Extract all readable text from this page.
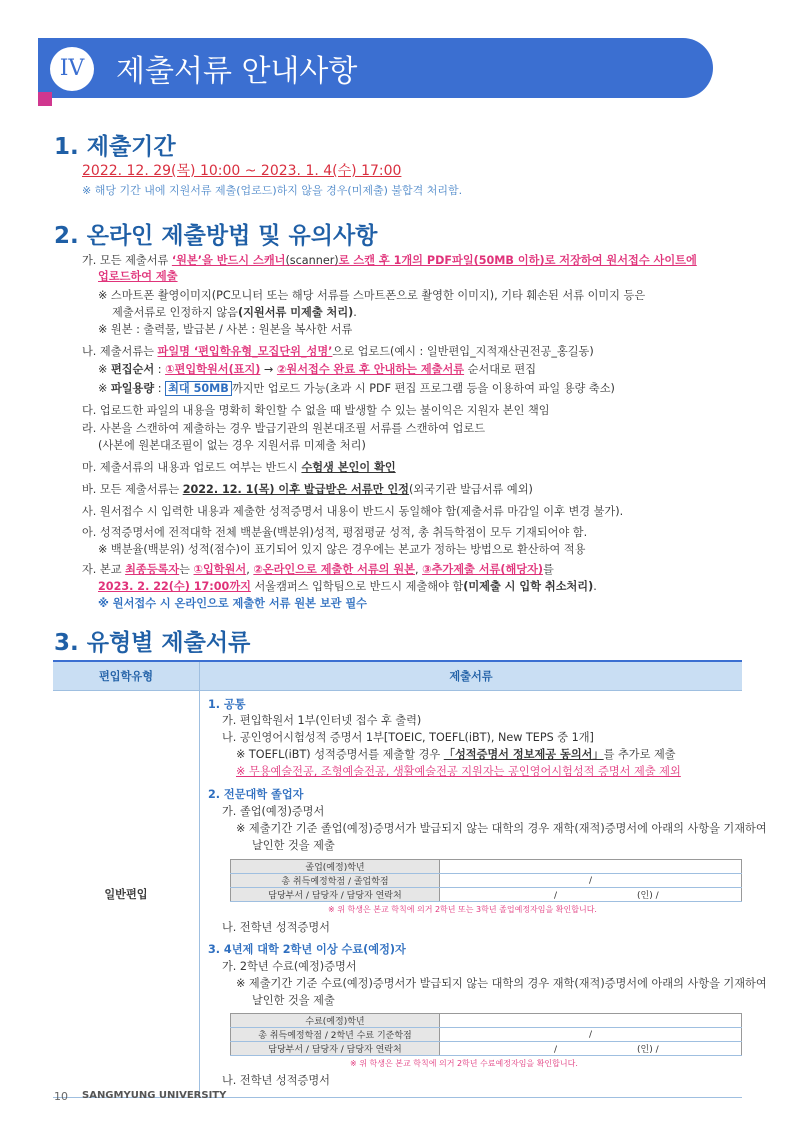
IV	제출서류 안내사항
1. 제출기간
2022. 12. 29(목) 10:00 ~ 2023. 1. 4(수) 17:00
※ 해당 기간 내에 지원서류 제출(업로드)하지 않을 경우(미제출) 불합격 처리함.
2. 온라인 제출방법 및 유의사항
가. 모든 제출서류 ‘원본’을 반드시 스캐너(scanner)로 스캔 후 1개의 PDF파일(50MB 이하)로 저장하여 원서접수 사이트에
업로드하여 제출
※ 스마트폰 촬영이미지(PC모니터 또는 해당 서류를 스마트폰으로 촬영한 이미지), 기타 훼손된 서류 이미지 등은
제출서류로 인정하지 않음(지원서류 미제출 처리).
※ 원본 : 출력물, 발급본 / 사본 : 원본을 복사한 서류
나. 제출서류는 파일명 ‘편입학유형_모집단위_성명’으로 업로드(예시 : 일반편입_지적재산권전공_홍길동)
※ 편집순서 : ①편입학원서(표지) → ②원서접수 완료 후 안내하는 제출서류 순서대로 편집
※ 파일용량 : 최대 50MB 까지만 업로드 가능(초과 시 PDF 편집 프로그램 등을 이용하여 파일 용량 축소)
다. 업로드한 파일의 내용을 명확히 확인할 수 없을 때 발생할 수 있는 불이익은 지원자 본인 책임
라. 사본을 스캔하여 제출하는 경우 발급기관의 원본대조필 서류를 스캔하여 업로드
(사본에 원본대조필이 없는 경우 지원서류 미제출 처리)
마. 제출서류의 내용과 업로드 여부는 반드시 수험생 본인이 확인
바. 모든 제출서류는 2022. 12. 1(목) 이후 발급받은 서류만 인정(외국기관 발급서류 예외)
사. 원서접수 시 입력한 내용과 제출한 성적증명서 내용이 반드시 동일해야 함(제출서류 마감일 이후 변경 불가).
아. 성적증명서에 전적대학 전체 백분율(백분위)성적, 평점평균 성적, 총 취득학점이 모두 기재되어야 함.
※ 백분율(백분위) 성적(점수)이 표기되어 있지 않은 경우에는 본교가 정하는 방법으로 환산하여 적용
자. 본교 최종등록자는 ①입학원서, ②온라인으로 제출한 서류의 원본, ③추가제출 서류(해당자)를
2023. 2. 22(수) 17:00까지 서울캠퍼스 입학팀으로 반드시 제출해야 함(미제출 시 입학 취소처리).
※ 원서접수 시 온라인으로 제출한 서류 원본 보관 필수
3. 유형별 제출서류
편입학유형	제출서류
일반편입	
1. 공통
가. 편입학원서 1부(인터넷 접수 후 출력)
나. 공인영어시험성적 증명서 1부[TOEIC, TOEFL(iBT), New TEPS 중 1개]
※ TOEFL(iBT) 성적증명서를 제출할 경우 「성적증명서 정보제공 동의서」를 추가로 제출
※ 무용예술전공, 조형예술전공, 생활예술전공 지원자는 공인영어시험성적 증명서 제출 제외
2. 전문대학 졸업자
가. 졸업(예정)증명서
※ 제출기간 기준 졸업(예정)증명서가 발급되지 않는 대학의 경우 재학(재적)증명서에 아래의 사항을 기재하여
날인한 것을 제출
졸업(예정)학년	
총 취득예정학점 / 졸업학점	/
담당부서 / 담당자 / 담당자 연락처	/	(인) /
※ 위 학생은 본교 학칙에 의거 2학년 또는 3학년 졸업예정자임을 확인합니다.
나. 전학년 성적증명서
3. 4년제 대학 2학년 이상 수료(예정)자
가. 2학년 수료(예정)증명서
※ 제출기간 기준 수료(예정)증명서가 발급되지 않는 대학의 경우 재학(재적)증명서에 아래의 사항을 기재하여
날인한 것을 제출
수료(예정)학년	
총 취득예정학점 / 2학년 수료 기준학점	/
담당부서 / 담당자 / 담당자 연락처	/	(인) /
※ 위 학생은 본교 학칙에 의거 2학년 수료예정자임을 확인합니다.
나. 전학년 성적증명서
10 SANGMYUNG UNIVERSITY
